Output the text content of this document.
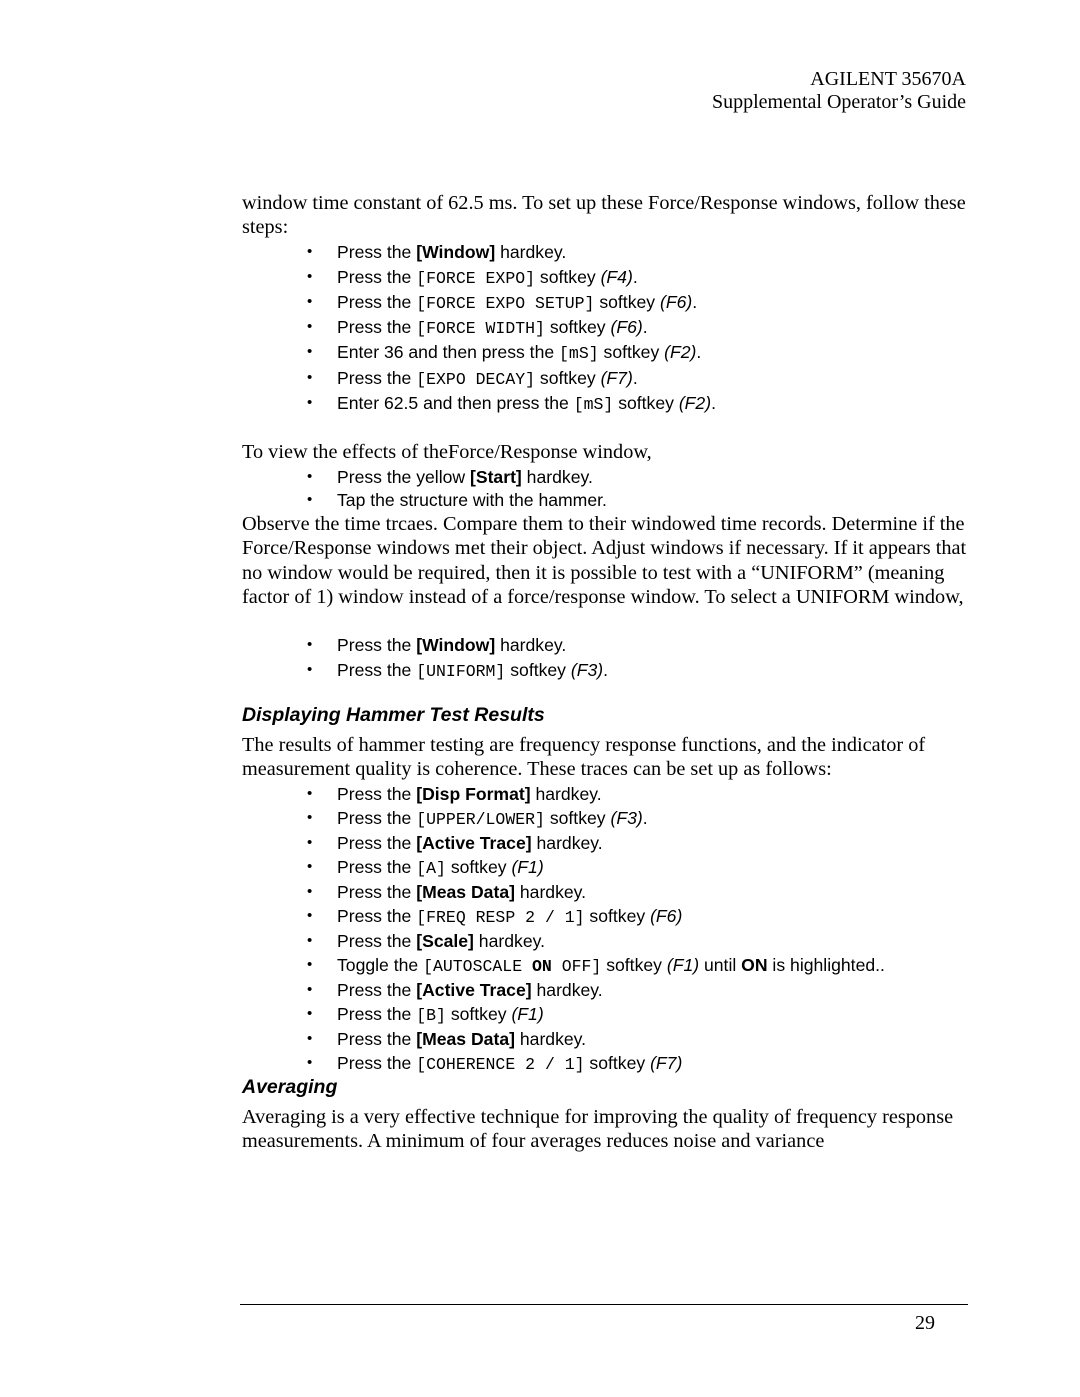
AGILENT 35670A
Supplemental Operator’s Guide

window time constant of 62.5 ms. To set up these Force/Response windows, follow these steps:

• Press the [Window] hardkey.
• Press the [FORCE EXPO] softkey (F4).
• Press the [FORCE EXPO SETUP] softkey (F6).
• Press the [FORCE WIDTH] softkey (F6).
• Enter 36 and then press the [mS] softkey (F2).
• Press the [EXPO DECAY] softkey (F7).
• Enter 62.5 and then press the [mS] softkey (F2).

To view the effects of theForce/Response window,

• Press the yellow [Start] hardkey.
• Tap the structure with the hammer.

Observe the time trcaes. Compare them to their windowed time records. Determine if the Force/Response windows met their object. Adjust windows if necessary. If it appears that no window would be required, then it is possible to test with a “UNIFORM” (meaning factor of 1) window instead of a force/response window. To select a UNIFORM window,

• Press the [Window] hardkey.
• Press the [UNIFORM] softkey (F3).
Displaying Hammer Test Results

The results of hammer testing are frequency response functions, and the indicator of measurement quality is coherence. These traces can be set up as follows:

• Press the [Disp Format] hardkey.
• Press the [UPPER/LOWER] softkey (F3).
• Press the [Active Trace] hardkey.
• Press the [A] softkey (F1)
• Press the [Meas Data] hardkey.
• Press the [FREQ RESP 2 / 1] softkey (F6)
• Press the [Scale] hardkey.
• Toggle the [AUTOSCALE ON OFF] softkey (F1) until ON is highlighted..
• Press the [Active Trace] hardkey.
• Press the [B] softkey (F1)
• Press the [Meas Data] hardkey.
• Press the [COHERENCE 2 / 1] softkey (F7)
Averaging

Averaging is a very effective technique for improving the quality of frequency response measurements. A minimum of four averages reduces noise and variance

29
